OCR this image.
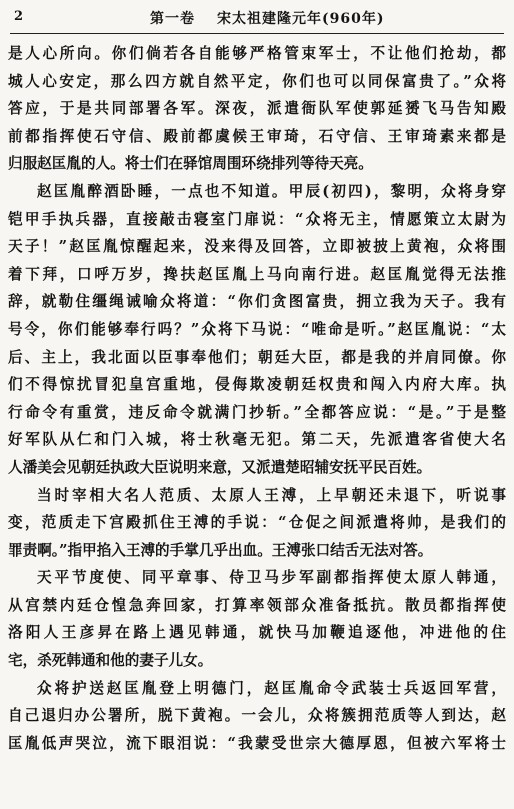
2	第一卷 宋太祖建隆元年(960年)
是人心所向。你们倘若各自能够严格管束军士，不让他们抢劫，都
城人心安定，那么四方就自然平定，你们也可以同保富贵了。”众将
答应，于是共同部署各军。深夜，派遣衙队军使郭延赟飞马告知殿
前都指挥使石守信、殿前都虞候王审琦，石守信、王审琦素来都是
归服赵匡胤的人。将士们在驿馆周围环绕排列等待天亮。
赵匡胤醉酒卧睡，一点也不知道。甲辰(初四)，黎明，众将身穿
铠甲手执兵器，直接敲击寝室门扉说：“众将无主，情愿策立太尉为
天子！”赵匡胤惊醒起来，没来得及回答，立即被披上黄袍，众将围
着下拜，口呼万岁，搀扶赵匡胤上马向南行进。赵匡胤觉得无法推
辞，就勒住缰绳诫喻众将道：“你们贪图富贵，拥立我为天子。我有
号令，你们能够奉行吗？”众将下马说：“唯命是听。”赵匡胤说：“太
后、主上，我北面以臣事奉他们；朝廷大臣，都是我的并肩同僚。你
们不得惊扰冒犯皇宫重地，侵侮欺凌朝廷权贵和闯入内府大库。执
行命令有重赏，违反命令就满门抄斩。”全都答应说：“是。”于是整
好军队从仁和门入城，将士秋毫无犯。第二天，先派遣客省使大名
人潘美会见朝廷执政大臣说明来意，又派遣楚昭辅安抚平民百姓。
当时宰相大名人范质、太原人王溥，上早朝还未退下，听说事
变，范质走下宫殿抓住王溥的手说：“仓促之间派遣将帅，是我们的
罪责啊。”指甲掐入王溥的手掌几乎出血。王溥张口结舌无法对答。
天平节度使、同平章事、侍卫马步军副都指挥使太原人韩通，
从宫禁内廷仓惶急奔回家，打算率领部众准备抵抗。散员都指挥使
洛阳人王彦昇在路上遇见韩通，就快马加鞭追逐他，冲进他的住
宅，杀死韩通和他的妻子儿女。
众将护送赵匡胤登上明德门，赵匡胤命令武装士兵返回军营，
自己退归办公署所，脱下黄袍。一会儿，众将簇拥范质等人到达，赵
匡胤低声哭泣，流下眼泪说：“我蒙受世宗大德厚恩，但被六军将士
